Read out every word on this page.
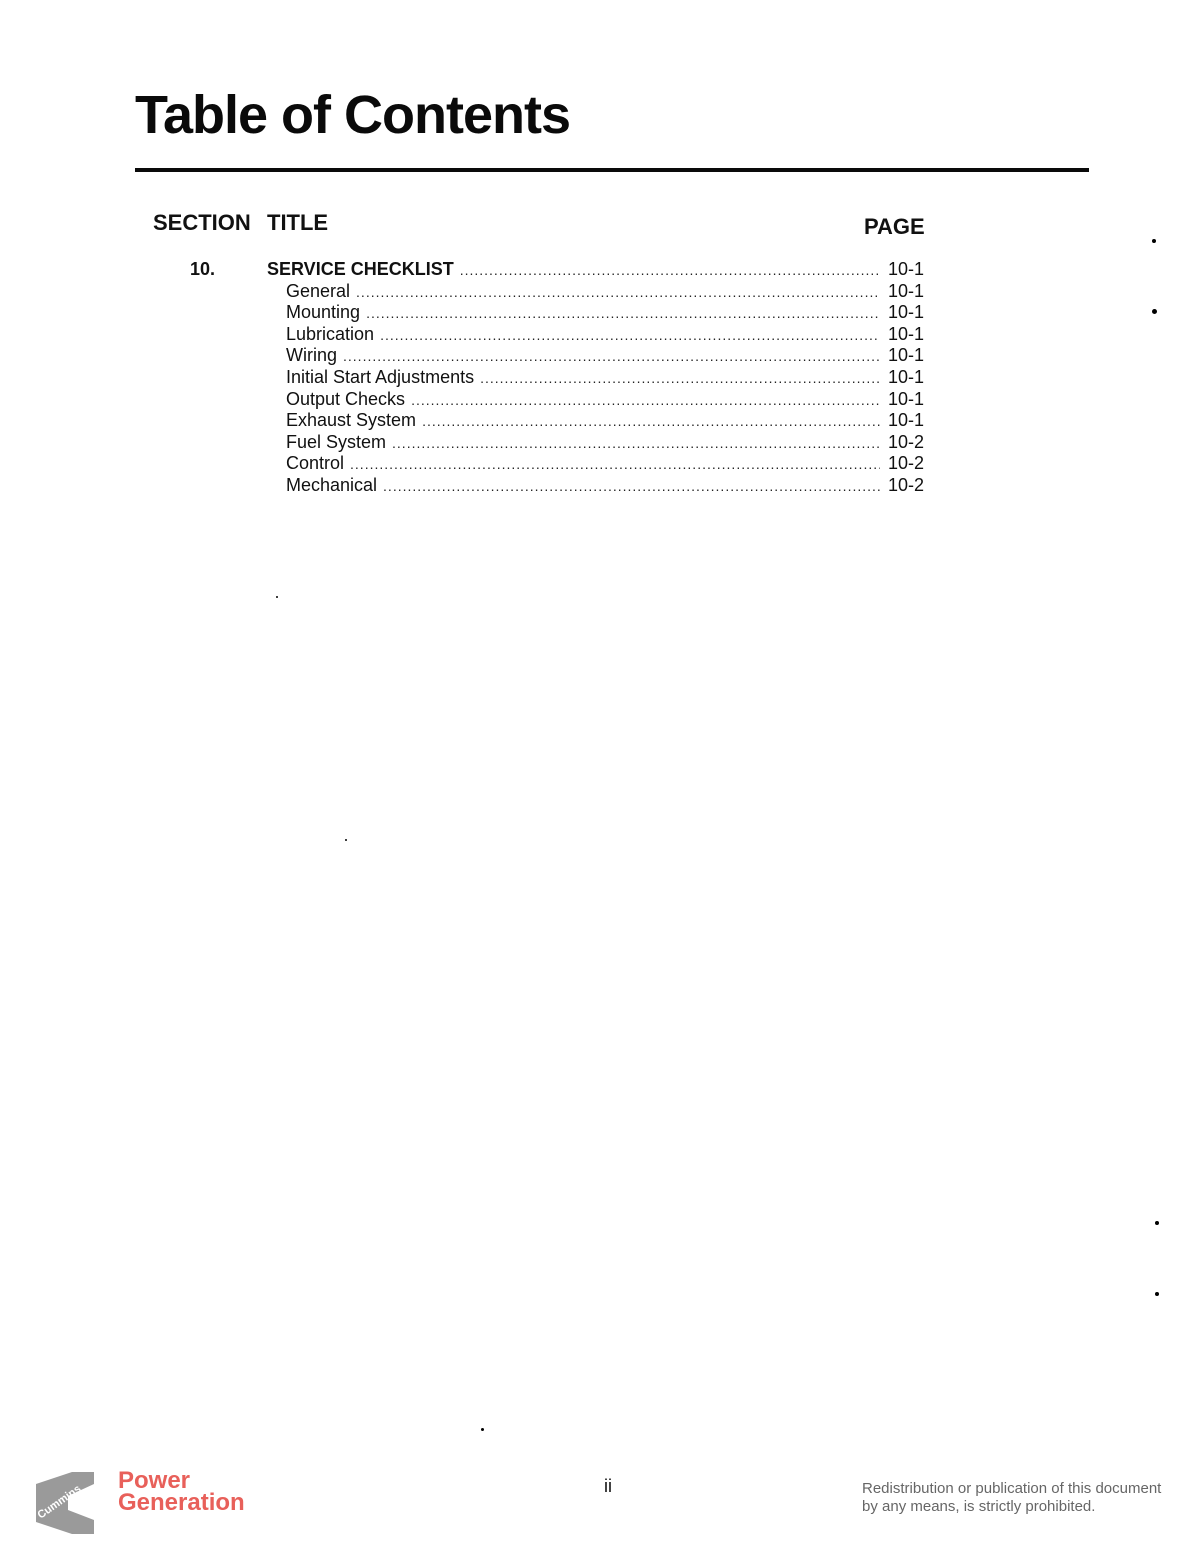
Table of Contents
SECTION TITLE	PAGE
10.	SERVICE CHECKLIST .....	10-1
General .....	10-1
Mounting .....	10-1
Lubrication .....	10-1
Wiring .....	10-1
Initial Start Adjustments .....	10-1
Output Checks .....	10-1
Exhaust System .....	10-1
Fuel System .....	10-2
Control .....	10-2
Mechanical .....	10-2
Cummins
Power
Generation
ii	Redistribution or publication of this document
by any means, is strictly prohibited.
